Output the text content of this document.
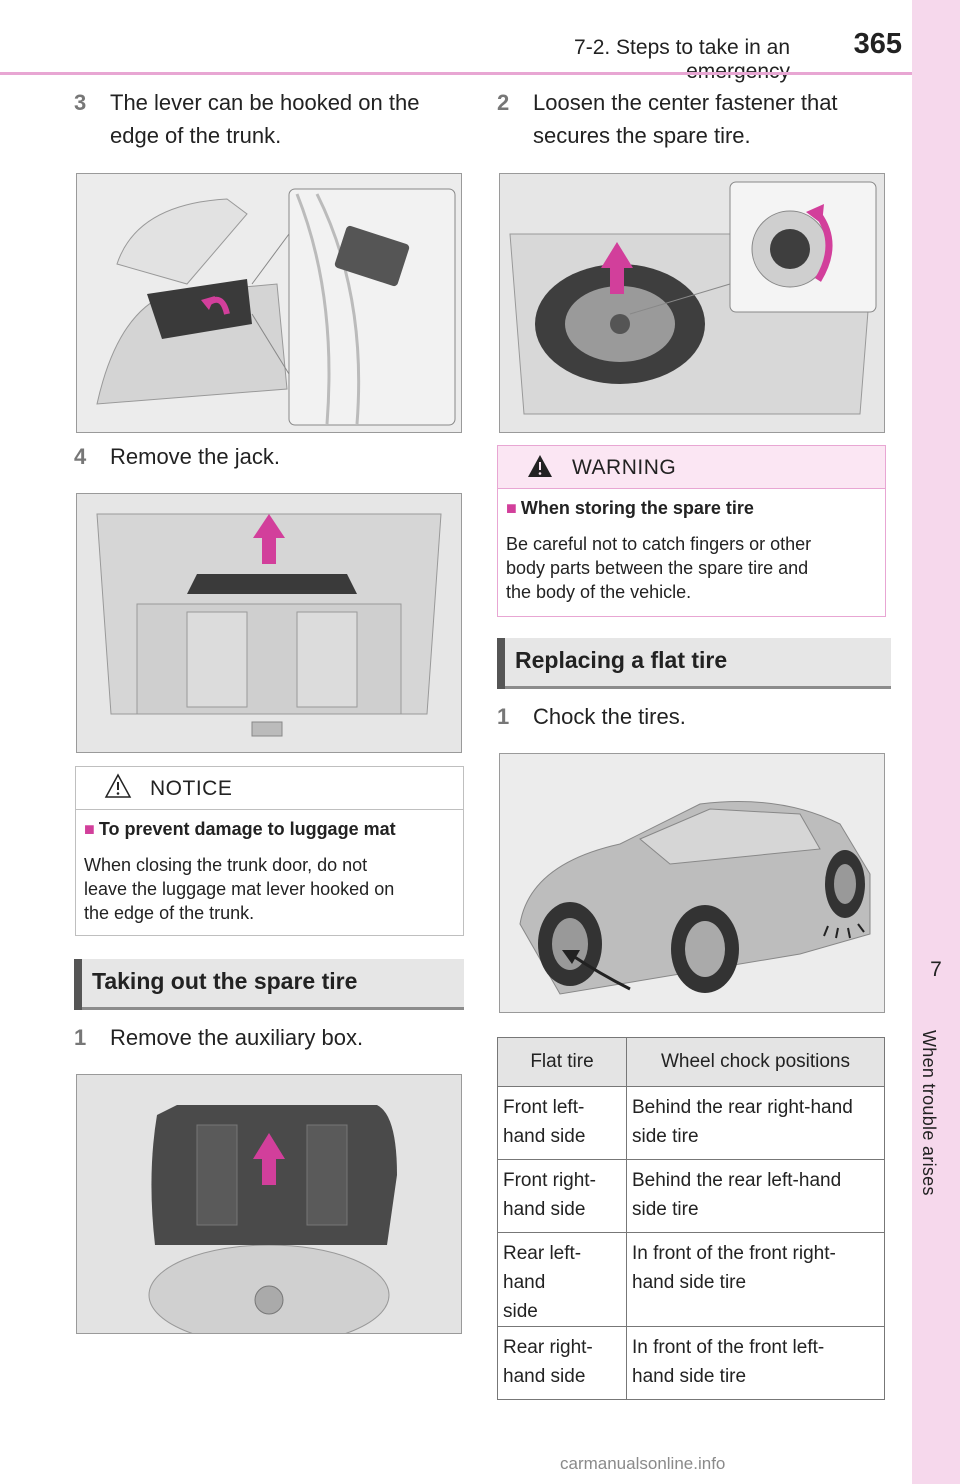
7-2. Steps to take in an	365
7
When trouble arises
3 The lever can be hooked on the
edge of the trunk.
4 Remove the jack.
NOTICE
■ To prevent damage to luggage mat
When closing the trunk door, do not
leave the luggage mat lever hooked on
the edge of the trunk.
Taking out the spare tire
1 Remove the auxiliary box.
2 Loosen the center fastener that
secures the spare tire.
WARNING
■ When storing the spare tire
Be careful not to catch fingers or other
body parts between the spare tire and
the body of the vehicle.
Replacing a flat tire
1 Chock the tires.
Flat tire	Wheel chock positions
Front left-
hand side	Behind the rear right-hand
side tire
Front right-
hand side	Behind the rear left-hand
side tire
Rear left-hand
side	In front of the front right-
hand side tire
Rear right-
hand side	In front of the front left-
hand side tire
carmanualsonline.info
